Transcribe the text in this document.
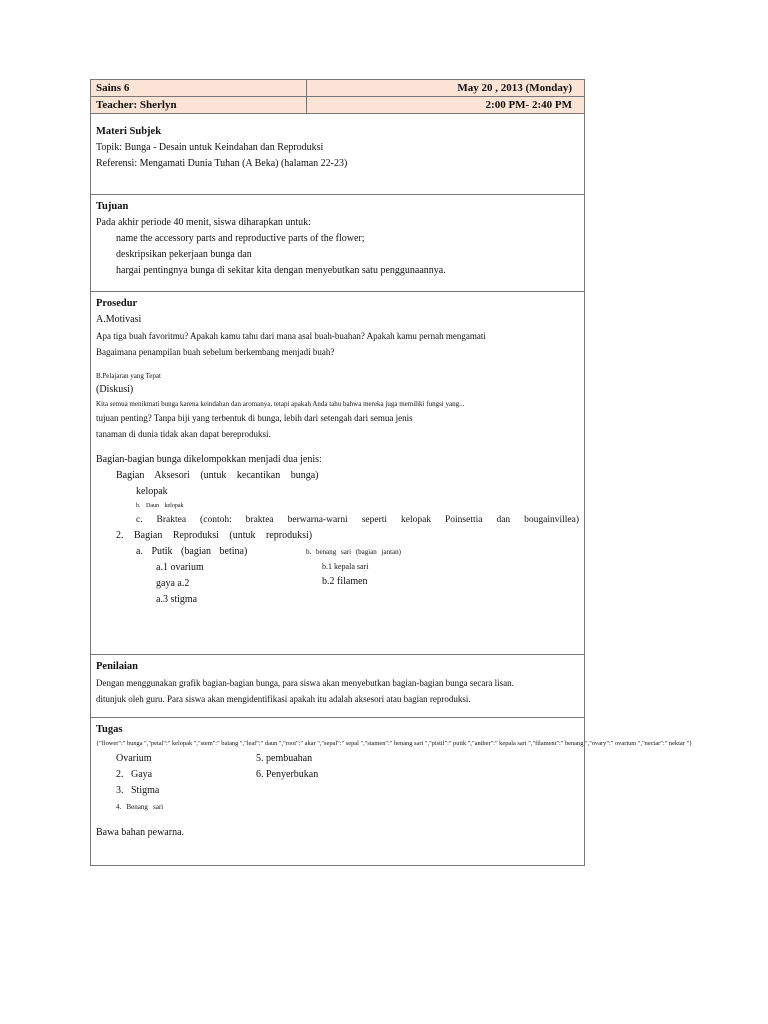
Sains 6	May 20 , 2013 (Monday)
Teacher: Sherlyn	2:00 PM- 2:40 PM
Materi Subjek
Topik: Bunga - Desain untuk Keindahan dan Reproduksi
Referensi: Mengamati Dunia Tuhan (A Beka) (halaman 22-23)
Tujuan
Pada akhir periode 40 menit, siswa diharapkan untuk:
name the accessory parts and reproductive parts of the flower;
deskripsikan pekerjaan bunga dan
hargai pentingnya bunga di sekitar kita dengan menyebutkan satu penggunaannya.
Prosedur
A.Motivasi
Apa tiga buah favoritmu? Apakah kamu tahu dari mana asal buah-buahan? Apakah kamu pernah mengamati
Bagaimana penampilan buah sebelum berkembang menjadi buah?
B.Pelajaran yang Tepat
(Diskusi)
Kita semua menikmati bunga karena keindahan dan aromanya, tetapi apakah Anda tahu bahwa mereka juga memiliki fungsi yang...
tujuan penting? Tanpa biji yang terbentuk di bunga, lebih dari setengah dari semua jenis
tanaman di dunia tidak akan dapat bereproduksi.
Bagian-bagian bunga dikelompokkan menjadi dua jenis:
Bagian Aksesori (untuk kecantikan bunga)
kelopak
b. Daun kelopak
c. Braktea (contoh: braktea berwarna-warni seperti kelopak Poinsettia dan bougainvillea)
2. Bagian Reproduksi (untuk reproduksi)
a. Putik (bagian betina)
a.1 ovarium
gaya a.2
a.3 stigma
b. benang sari (bagian jantan)
b.1 kepala sari
b.2 filamen
Penilaian
Dengan menggunakan grafik bagian-bagian bunga, para siswa akan menyebutkan bagian-bagian bunga secara lisan.
ditunjuk oleh guru. Para siswa akan mengidentifikasi apakah itu adalah aksesori atau bagian reproduksi.
Tugas
{"flower":" bunga ","petal":" kelopak ","stem":" batang ","leaf":" daun ","root":" akar ","sepal":" sepal ","stamen":" benang sari ","pistil":" putik ","anther":" kepala sari ","filament":" benang ","ovary":" ovarium ","nectar":" nektar "}
Ovarium
2.   Gaya
3.   Stigma
4.   Benang   sari
5. pembuahan
6. Penyerbukan
Bawa bahan pewarna.
